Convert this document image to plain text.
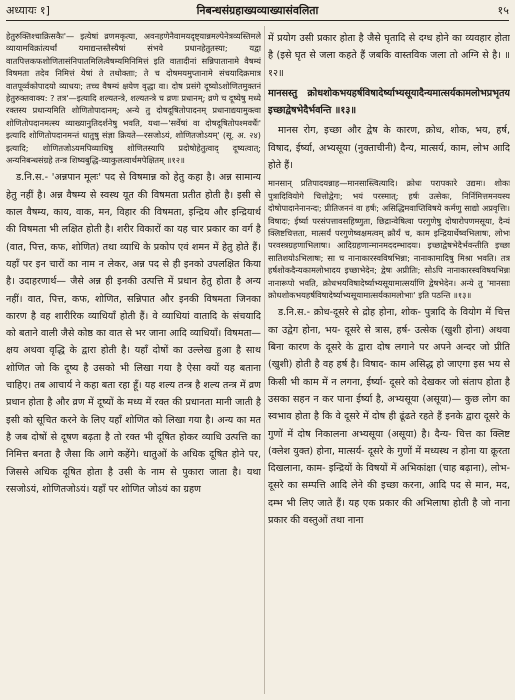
अध्यायः १]	निबन्धसंग्रहाख्यव्याख्यासंवलिता	१५
हेतुरुक्तिश्चाक्रिसकैः'— इत्येषां व्रणमकृत्या, अवनहणेनैवामयदृष्ट्यान्नमल्पेनेत्रव्यस्तिमले व्यायामविक्रांत्यर्थां यमाद्यन्तस्तैस्यैषां संभवे प्रधानहेतुतस्या; यद्वा वातपित्तकफशोणितासंनिपातमिलित्वैषम्यमिनिमित्तं इति वातादीनां सन्निपातानामे वैषम्यं विषमता तदेव निमित्तं येषां ते तथोक्ताः; ते च दोषमयमुप्तानामे संचयादिक्रमात्र वातपूर्व्वकोपादयो व्याधयः; तच्च वैषम्यं क्षयेण वृद्धा वा। दोष प्रसंगे दूष्योऽशोणितमुक्तनं हेतुरुक्तवाक्य: ? तत्र'—इत्यादि शल्यतन्त्रे, शल्यतन्त्रे च व्रणः प्रधानम्; व्रणे च दूष्येषु मध्ये रक्तस्य प्रधान्यमिति शोणितोपादानम्; अन्ये तु दोषदूषितोपादनम् प्रधानाद्ययामुक्त्वा शोणितोपदानमत्स्य व्याख्यानुतिदर्शनेषु भवति, यथा—'सर्वेषां वा दोषदूषितोपश्मवर्धैः' इत्यादि शोणितोपदानमन्तं धातुषु संज्ञा क्रियते—रसजोऽयं, शोणितजोऽयम्' (सू. अ. २४) इत्यादि; शोणितजोऽयमपिव्याधिषु शोणितस्यापि प्रदोषोहेतुत्वाद् दूष्यत्वात्; अन्यनिबन्धसंग्रहे तन्त्र शिष्यबुद्धि-व्याकुलत्वार्थमपेक्षितम् ॥१२॥
ड.नि.स.- 'अन्नपान मूलः' पद से विषमान्न को हेतु कहा है। अन्न सामान्य हेतु नहीं है। अन्न वैषम्य से स्वस्थ यूत की विषमता प्रतीत होती है। इसी से काल वैषम्य, काय, वाक, मन, विहार की विषमता, इन्द्रिय और इन्द्रियार्थ की विषमता भी लक्षित होती है। शरीर विकारों का यह चार प्रकार का वर्ग है (वात, पित्त, कफ, शोणित) तथा व्याधि के प्रकोप एवं शमन में हेतु होते हैं। यहाँ पर इन चारों का नाम न लेकर, अन्न पद से ही इनको उपलक्षित किया है। उदाहरणार्थ— जैसे अन्न ही इनकी उत्पत्ति में प्रधान हेतु होता है अन्य नहीं। वात, पित्त, कफ, शोणित, सन्निपात और इनकी विषमता जिनका कारण है वह शारीरिक व्याधियाँ होती हैं। वे व्याधियां वातादि के संचयादि को बताने वाली जैसे कोष्ठ का वात से भर जाना आदि व्याधियाँ। विषमता—क्षय अथवा वृद्धि के द्वारा होती है। यहाँ दोषों का उल्लेख हुआ है साथ शोणित जो कि दूष्य है उसको भी लिखा गया है ऐसा क्यों यह बताना चाहिए। तब आचार्य ने कहा बता रहा हूँ। यह शल्य तन्त्र है शल्य तन्त्र में व्रण प्रधान होता है और व्रण में दूष्यों के मध्य में रक्त की प्रधानता मानी जाती है इसी को सूचित करने के लिए यहाँ शोणित को लिखा गया है। अन्य का मत है जब दोषों से दूषण बढ़ता है तो रक्त भी दूषित होकर व्याधि उत्पत्ति का निमित्त बनता है जैसा कि आगे कहेंगे। धातुओं के अधिक दूषित होने पर, जिससे अधिक दूषित होता है उसी के नाम से पुकारा जाता है। यथा रसजोऽयं, शोणितजोऽयं। यहाँ पर शोणित जोऽयं का ग्रहण
में प्रयोग उसी प्रकार होता है जैसे घृतादि से दग्ध होने का व्यवहार होता है (इसे घृत से जला कहते हैं जबकि वास्तविक जला तो अग्नि से है। ॥१२॥
मानसस्तु क्रोधशोकभयहर्षविषादेर्ष्याभ्यसूयादैन्यमात्सर्यकामलोभप्रभृतय इच्छाद्वेषभेदैर्भवन्ति ॥१३॥
मानस रोग, इच्छा और द्वेष के कारण, क्रोध, शोक, भय, हर्ष, विषाद, ईर्ष्या, अभ्यसूया (नुक्ताचीनी) दैन्य, मात्सर्य, काम, लोभ आदि होते हैं।
मानसान् प्रतिपादयन्नाह—मानसास्त्वित्यादि। क्रोधः परापकारे उद्यमः। शोकः पुत्रादिवियोगे चित्तोद्वेगः; भयं परस्मात्; हर्षः उत्सेकः, निर्निमित्तमनयस्य दोषोपादानेनानन्दः; प्रीतिजननं वा हर्षः; असिद्धिमवाप्तिविषये कर्मणु साद्यो अप्रवृत्तिः। विषादः; ईर्ष्या परसंपत्तावसहिष्णुता, छिद्रान्वेषित्वा परगुणेषु दोषारोपणमसूया, दैन्यं क्लिष्टचित्तता, मात्सर्यं परगुणेष्वक्षमत्वम् क्रौर्यं च, काम इन्द्रियार्थेष्वभिलाषः, लोभः परवस्त्रग्रहणाभिलाषः। आदिग्रहणान्मानमददम्भादयः। इच्छाद्वेषभेदैर्भवन्तीति इच्छा सातिशयोऽभिलाषः; सा च नानाकारस्वविषभिन्ना; नानाकामादिषु मिश्रा भवति। तत्र हर्षशोकदैन्यकामलोभादय इच्छाभेदेन; द्वेषः अप्रीतिः; सोऽपि नानाकारस्वविषयभिन्नः नानारूपो भवति, क्रोधभयविषादेर्ष्याभ्यसूयामात्सर्याणि द्वेषभेदेन। अन्ये तु 'मानसाः क्रोधशोकभयहर्षविषादेर्ष्याभ्यसूयामात्सर्यकामलोभाः' इति पठन्ति ॥१३॥
ड.नि.स.- क्रोध-दूसरे से द्रोह होना, शोक- पुत्रादि के वियोग में चित्त का उद्वेग होना, भय- दूसरे से त्रास, हर्ष- उत्सेक (खुशी होना) अथवा बिना कारण के दूसरे के द्वारा दोष लगाने पर अपने अन्दर जो प्रीति (खुशी) होती है वह हर्ष है। विषाद- काम असिद्ध हो जाएगा इस भय से किसी भी काम में न लगना, ईर्ष्या- दूसरे को देखकर जो संताप होता है उसका सहन न कर पाना ईर्ष्या है, अभ्यसूया (असूया)— कुछ लोग का स्वभाव होता है कि वे दूसरे में दोष ही ढूंढते रहते हैं इनके द्वारा दूसरे के गुणों में दोष निकालना अभ्यसूया (असूया) है। दैन्य- चित्त का क्लिष्ट (क्लेश युक्त) होना, मात्सर्य- दूसरे के गुणों में मध्यस्थ न होना या क्रूरता दिखलाना, काम- इन्द्रियों के विषयों में अभिकांक्षा (चाह बढ़ाना), लोभ-दूसरे का सम्पत्ति आदि लेने की इच्छा करना, आदि पद से मान, मद, दम्भ भी लिए जाते हैं। यह एक प्रकार की अभिलाषा होती है जो नाना प्रकार की वस्तुओं तथा नाना
